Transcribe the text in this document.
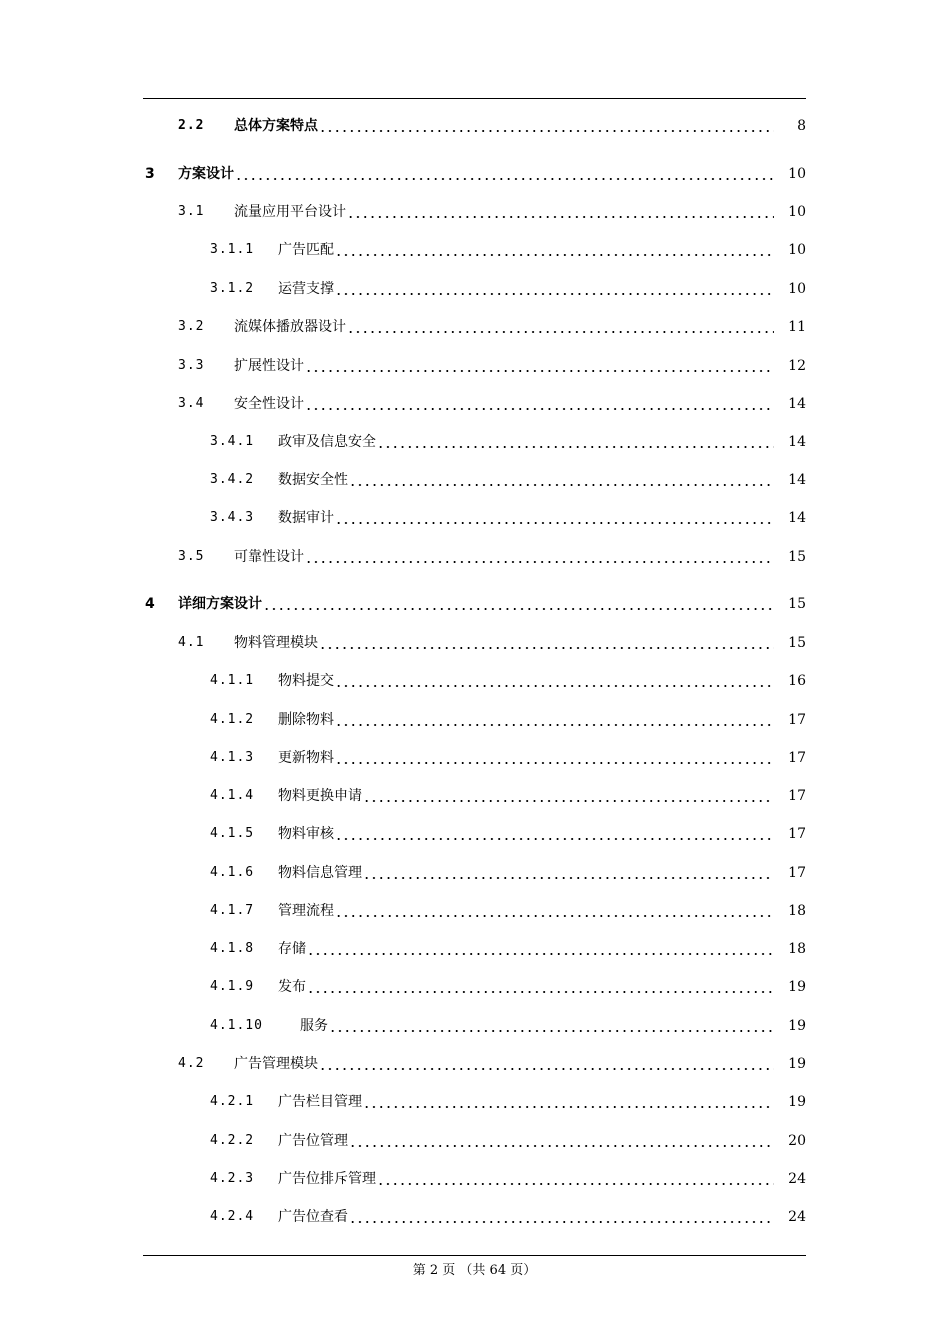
2.2 总体方案特点	8
3 方案设计	10
3.1 流量应用平台设计	10
3.1.1 广告匹配	10
3.1.2 运营支撑	10
3.2 流媒体播放器设计	11
3.3 扩展性设计	12
3.4 安全性设计	14
3.4.1 政审及信息安全	14
3.4.2 数据安全性	14
3.4.3 数据审计	14
3.5 可靠性设计	15
4 详细方案设计	15
4.1 物料管理模块	15
4.1.1 物料提交	16
4.1.2 删除物料	17
4.1.3 更新物料	17
4.1.4 物料更换申请	17
4.1.5 物料审核	17
4.1.6 物料信息管理	17
4.1.7 管理流程	18
4.1.8 存储	18
4.1.9 发布	19
4.1.10	服务	19
4.2 广告管理模块	19
4.2.1 广告栏目管理	19
4.2.2 广告位管理	20
4.2.3 广告位排斥管理	24
4.2.4 广告位查看	24
第 2 页 （共 64 页）
